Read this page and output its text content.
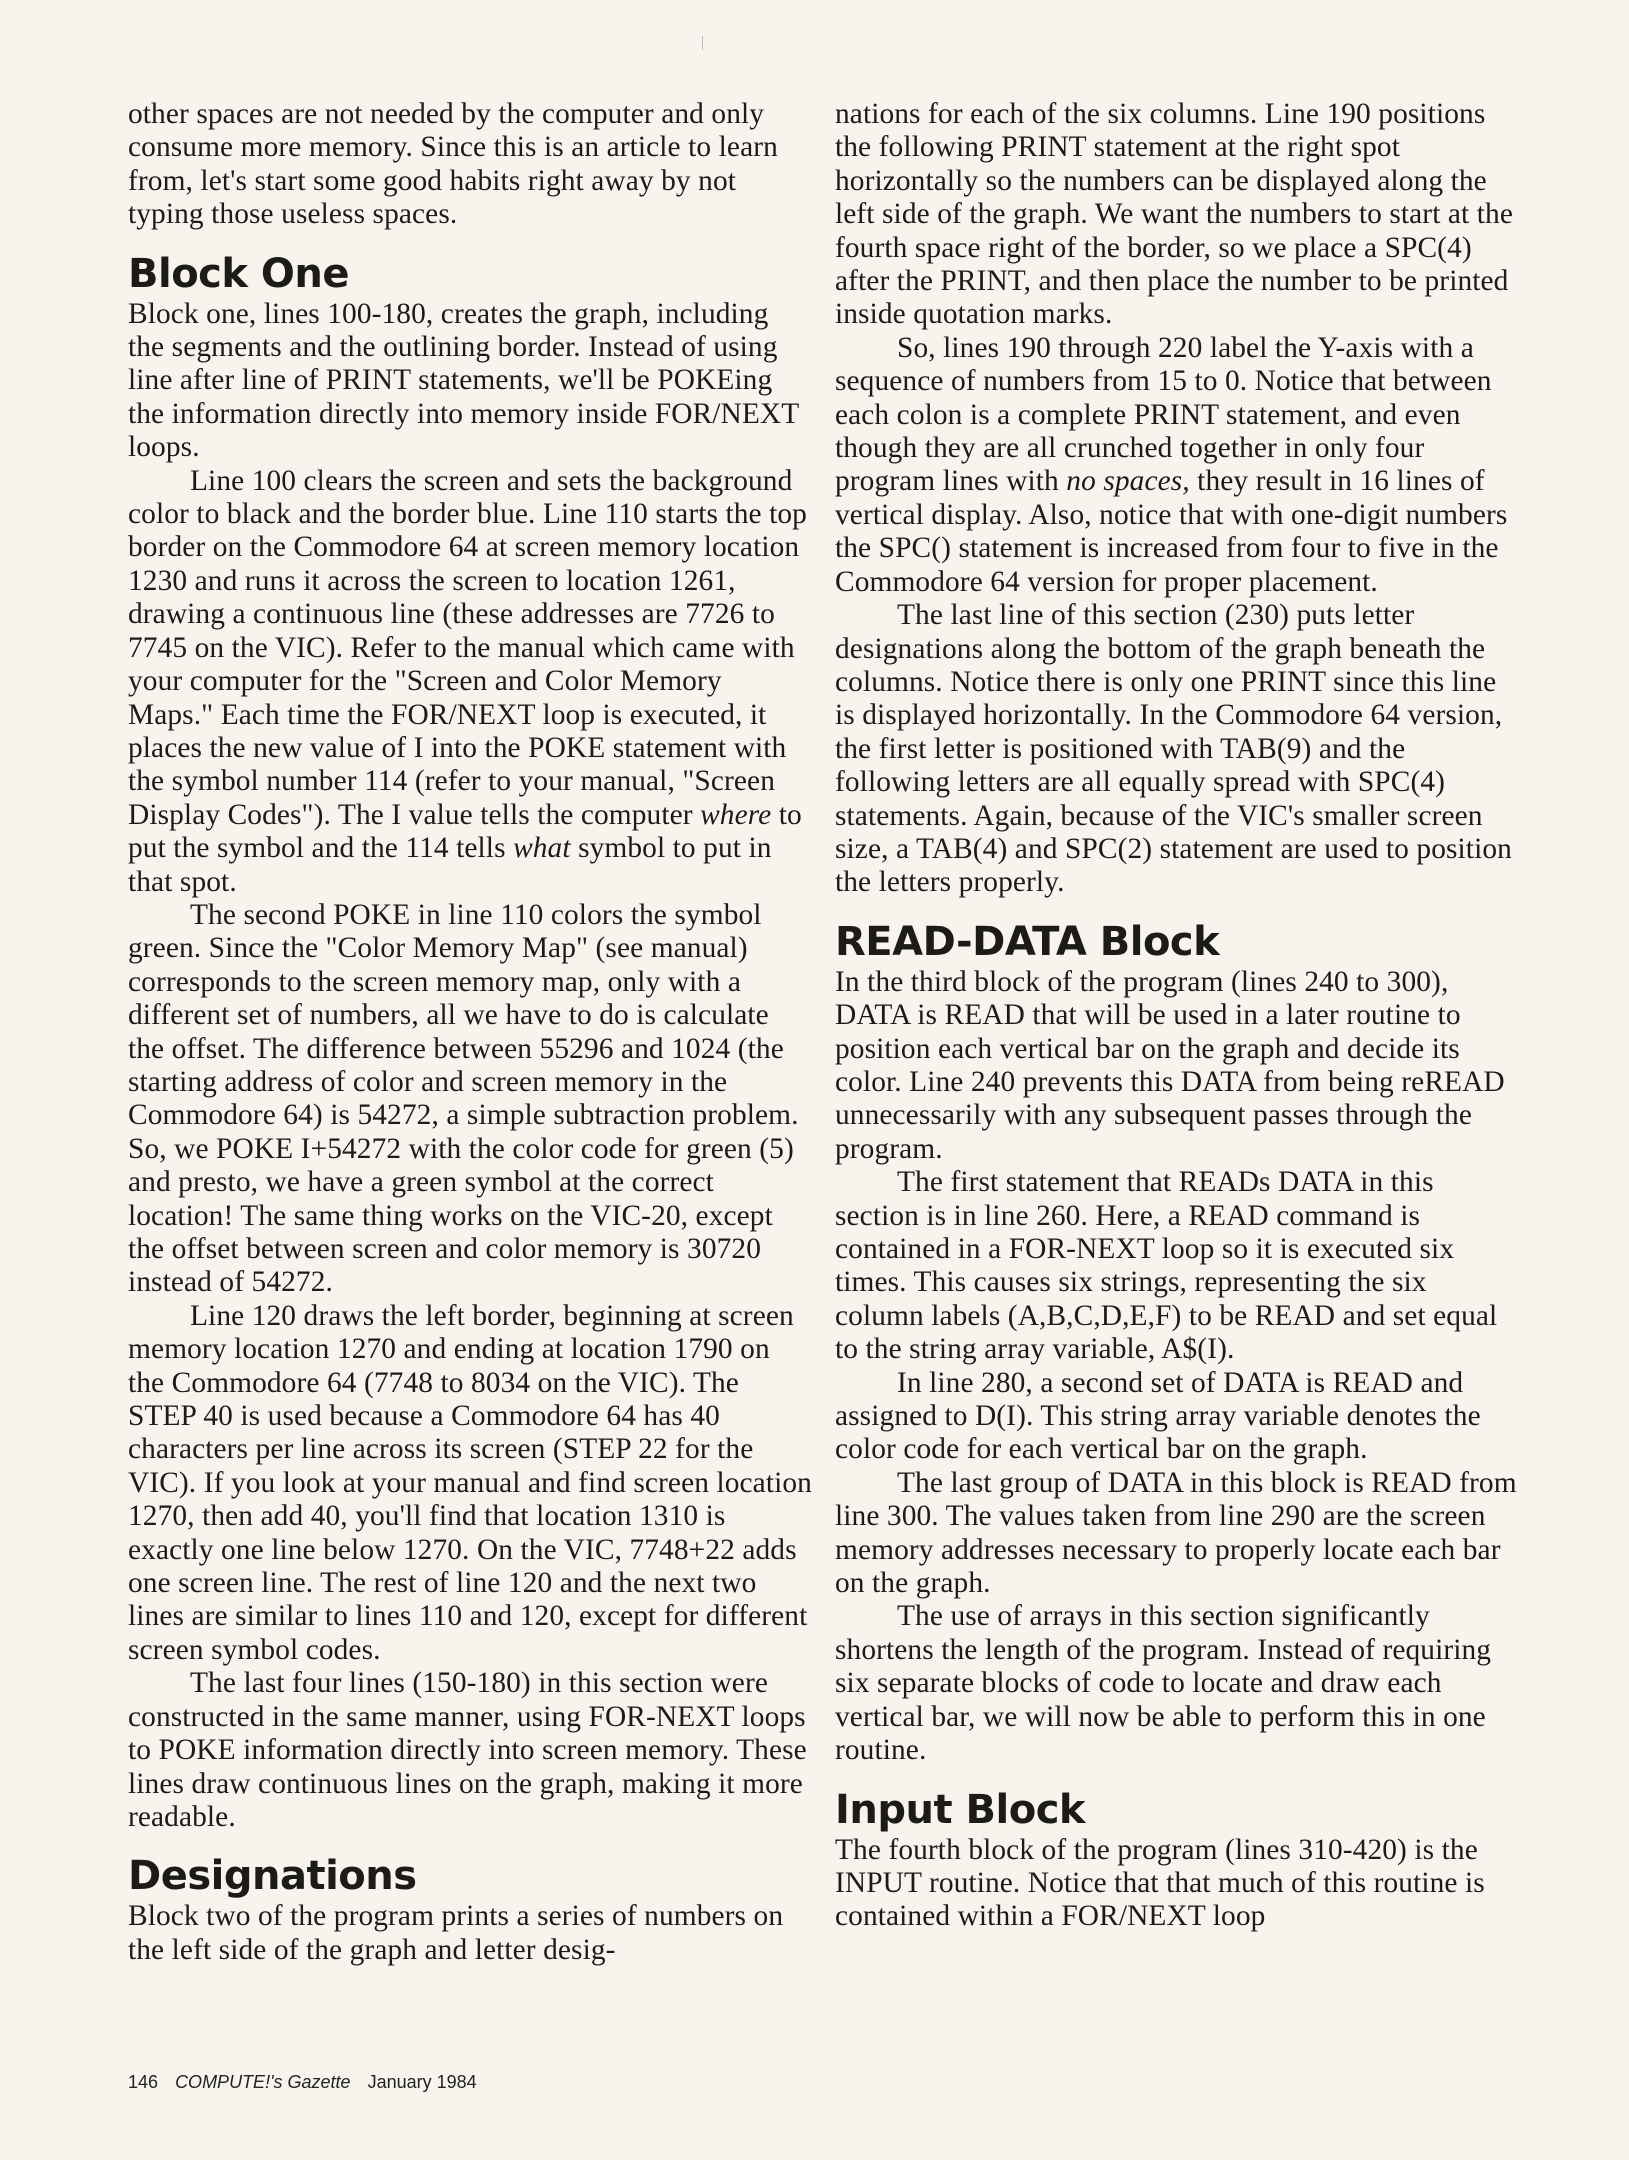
other spaces are not needed by the computer and only consume more memory. Since this is an article to learn from, let's start some good habits right away by not typing those useless spaces.

Block One

Block one, lines 100-180, creates the graph, including the segments and the outlining border. Instead of using line after line of PRINT statements, we'll be POKEing the information directly into memory inside FOR/NEXT loops.

Line 100 clears the screen and sets the background color to black and the border blue. Line 110 starts the top border on the Commodore 64 at screen memory location 1230 and runs it across the screen to location 1261, drawing a continuous line (these addresses are 7726 to 7745 on the VIC). Refer to the manual which came with your computer for the "Screen and Color Memory Maps." Each time the FOR/NEXT loop is executed, it places the new value of I into the POKE statement with the symbol number 114 (refer to your manual, "Screen Display Codes"). The I value tells the computer where to put the symbol and the 114 tells what symbol to put in that spot.

The second POKE in line 110 colors the symbol green. Since the "Color Memory Map" (see manual) corresponds to the screen memory map, only with a different set of numbers, all we have to do is calculate the offset. The difference between 55296 and 1024 (the starting address of color and screen memory in the Commodore 64) is 54272, a simple subtraction problem. So, we POKE I+54272 with the color code for green (5) and presto, we have a green symbol at the correct location! The same thing works on the VIC-20, except the offset between screen and color memory is 30720 instead of 54272.

Line 120 draws the left border, beginning at screen memory location 1270 and ending at location 1790 on the Commodore 64 (7748 to 8034 on the VIC). The STEP 40 is used because a Commodore 64 has 40 characters per line across its screen (STEP 22 for the VIC). If you look at your manual and find screen location 1270, then add 40, you'll find that location 1310 is exactly one line below 1270. On the VIC, 7748+22 adds one screen line. The rest of line 120 and the next two lines are similar to lines 110 and 120, except for different screen symbol codes.

The last four lines (150-180) in this section were constructed in the same manner, using FOR-NEXT loops to POKE information directly into screen memory. These lines draw continuous lines on the graph, making it more readable.

Designations

Block two of the program prints a series of numbers on the left side of the graph and letter desig-

nations for each of the six columns. Line 190 positions the following PRINT statement at the right spot horizontally so the numbers can be displayed along the left side of the graph. We want the numbers to start at the fourth space right of the border, so we place a SPC(4) after the PRINT, and then place the number to be printed inside quotation marks.

So, lines 190 through 220 label the Y-axis with a sequence of numbers from 15 to 0. Notice that between each colon is a complete PRINT statement, and even though they are all crunched together in only four program lines with no spaces, they result in 16 lines of vertical display. Also, notice that with one-digit numbers the SPC() statement is increased from four to five in the Commodore 64 version for proper placement.

The last line of this section (230) puts letter designations along the bottom of the graph beneath the columns. Notice there is only one PRINT since this line is displayed horizontally. In the Commodore 64 version, the first letter is positioned with TAB(9) and the following letters are all equally spread with SPC(4) statements. Again, because of the VIC's smaller screen size, a TAB(4) and SPC(2) statement are used to position the letters properly.

READ-DATA Block

In the third block of the program (lines 240 to 300), DATA is READ that will be used in a later routine to position each vertical bar on the graph and decide its color. Line 240 prevents this DATA from being reREAD unnecessarily with any subsequent passes through the program.

The first statement that READs DATA in this section is in line 260. Here, a READ command is contained in a FOR-NEXT loop so it is executed six times. This causes six strings, representing the six column labels (A,B,C,D,E,F) to be READ and set equal to the string array variable, A$(I).

In line 280, a second set of DATA is READ and assigned to D(I). This string array variable denotes the color code for each vertical bar on the graph.

The last group of DATA in this block is READ from line 300. The values taken from line 290 are the screen memory addresses necessary to properly locate each bar on the graph.

The use of arrays in this section significantly shortens the length of the program. Instead of requiring six separate blocks of code to locate and draw each vertical bar, we will now be able to perform this in one routine.

Input Block

The fourth block of the program (lines 310-420) is the INPUT routine. Notice that that much of this routine is contained within a FOR/NEXT loop

146 COMPUTE!'s Gazette January 1984
